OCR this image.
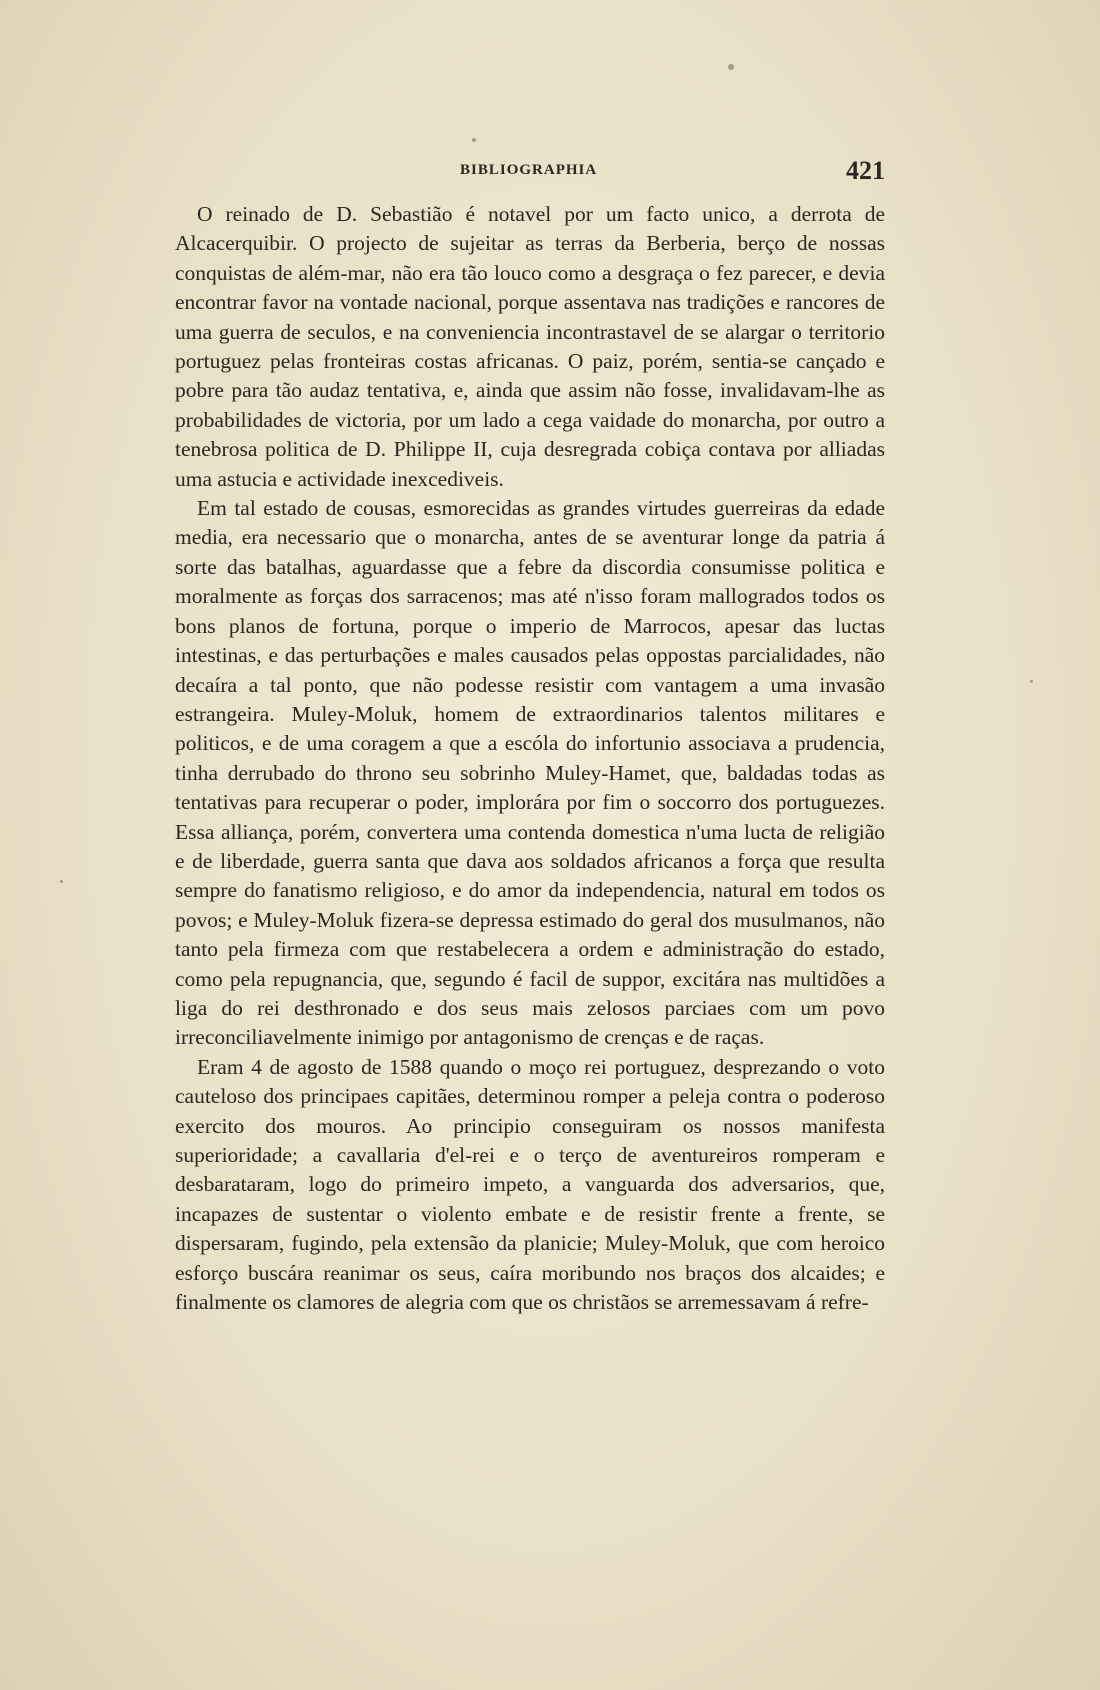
BIBLIOGRAPHIA	421

O reinado de D. Sebastião é notavel por um facto unico, a derrota de Alcacerquibir. O projecto de sujeitar as terras da Berberia, berço de nossas conquistas de além-mar, não era tão louco como a desgraça o fez parecer, e devia encontrar favor na vontade nacional, porque assentava nas tradições e rancores de uma guerra de seculos, e na conveniencia incontrastavel de se alargar o territorio portuguez pelas fronteiras costas africanas. O paiz, porém, sentia-se cançado e pobre para tão audaz tentativa, e, ainda que assim não fosse, invalidavam-lhe as probabilidades de victoria, por um lado a cega vaidade do monarcha, por outro a tenebrosa politica de D. Philippe II, cuja desregrada cobiça contava por alliadas uma astucia e actividade inexcediveis.

Em tal estado de cousas, esmorecidas as grandes virtudes guerreiras da edade media, era necessario que o monarcha, antes de se aventurar longe da patria á sorte das batalhas, aguardasse que a febre da discordia consumisse politica e moralmente as forças dos sarracenos; mas até n'isso foram mallogrados todos os bons planos de fortuna, porque o imperio de Marrocos, apesar das luctas intestinas, e das perturbações e males causados pelas oppostas parcialidades, não decaíra a tal ponto, que não podesse resistir com vantagem a uma invasão estrangeira. Muley-Moluk, homem de extraordinarios talentos militares e politicos, e de uma coragem a que a escóla do infortunio associava a prudencia, tinha derrubado do throno seu sobrinho Muley-Hamet, que, baldadas todas as tentativas para recuperar o poder, implorára por fim o soccorro dos portuguezes. Essa alliança, porém, convertera uma contenda domestica n'uma lucta de religião e de liberdade, guerra santa que dava aos soldados africanos a força que resulta sempre do fanatismo religioso, e do amor da independencia, natural em todos os povos; e Muley-Moluk fizera-se depressa estimado do geral dos musulmanos, não tanto pela firmeza com que restabelecera a ordem e administração do estado, como pela repugnancia, que, segundo é facil de suppor, excitára nas multidões a liga do rei desthronado e dos seus mais zelosos parciaes com um povo irreconciliavelmente inimigo por antagonismo de crenças e de raças.

Eram 4 de agosto de 1588 quando o moço rei portuguez, desprezando o voto cauteloso dos principaes capitães, determinou romper a peleja contra o poderoso exercito dos mouros. Ao principio conseguiram os nossos manifesta superioridade; a cavallaria d'el-rei e o terço de aventureiros romperam e desbarataram, logo do primeiro impeto, a vanguarda dos adversarios, que, incapazes de sustentar o violento embate e de resistir frente a frente, se dispersaram, fugindo, pela extensão da planicie; Muley-Moluk, que com heroico esforço buscára reanimar os seus, caíra moribundo nos braços dos alcaides; e finalmente os clamores de alegria com que os christãos se arremessavam á refre-
